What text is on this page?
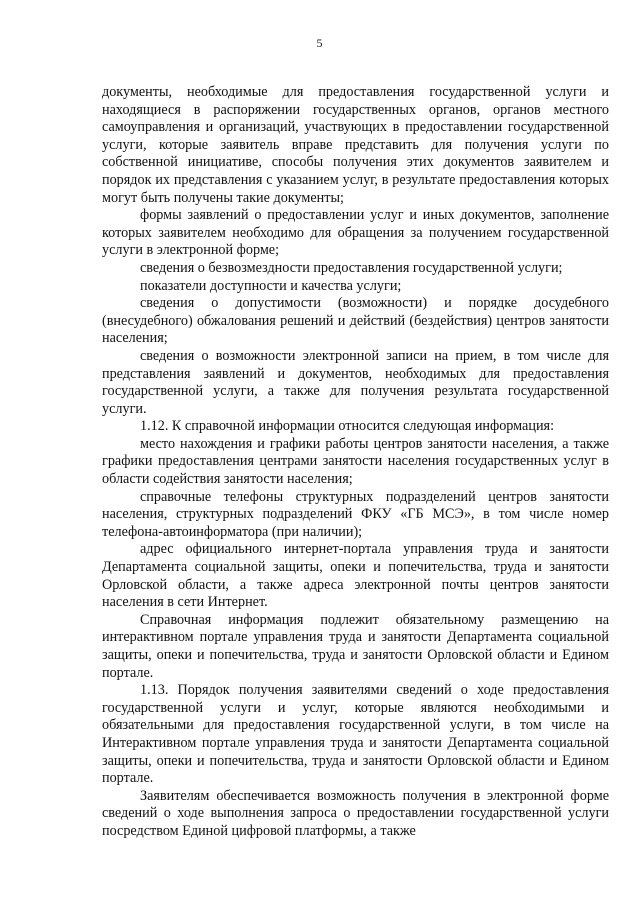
5

документы, необходимые для предоставления государственной услуги и находящиеся в распоряжении государственных органов, органов местного самоуправления и организаций, участвующих в предоставлении государственной услуги, которые заявитель вправе представить для получения услуги по собственной инициативе, способы получения этих документов заявителем и порядок их представления с указанием услуг, в результате предоставления которых могут быть получены такие документы;

формы заявлений о предоставлении услуг и иных документов, заполнение которых заявителем необходимо для обращения за получением государственной услуги в электронной форме;

сведения о безвозмездности предоставления государственной услуги;

показатели доступности и качества услуги;

сведения о допустимости (возможности) и порядке досудебного (внесудебного) обжалования решений и действий (бездействия) центров занятости населения;

сведения о возможности электронной записи на прием, в том числе для представления заявлений и документов, необходимых для предоставления государственной услуги, а также для получения результата государственной услуги.

1.12. К справочной информации относится следующая информация:

место нахождения и графики работы центров занятости населения, а также графики предоставления центрами занятости населения государственных услуг в области содействия занятости населения;

справочные телефоны структурных подразделений центров занятости населения, структурных подразделений ФКУ «ГБ МСЭ», в том числе номер телефона-автоинформатора (при наличии);

адрес официального интернет-портала управления труда и занятости Департамента социальной защиты, опеки и попечительства, труда и занятости Орловской области, а также адреса электронной почты центров занятости населения в сети Интернет.

Справочная информация подлежит обязательному размещению на интерактивном портале управления труда и занятости Департамента социальной защиты, опеки и попечительства, труда и занятости Орловской области и Едином портале.

1.13. Порядок получения заявителями сведений о ходе предоставления государственной услуги и услуг, которые являются необходимыми и обязательными для предоставления государственной услуги, в том числе на Интерактивном портале управления труда и занятости Департамента социальной защиты, опеки и попечительства, труда и занятости Орловской области и Едином портале.

Заявителям обеспечивается возможность получения в электронной форме сведений о ходе выполнения запроса о предоставлении государственной услуги посредством Единой цифровой платформы, а также
